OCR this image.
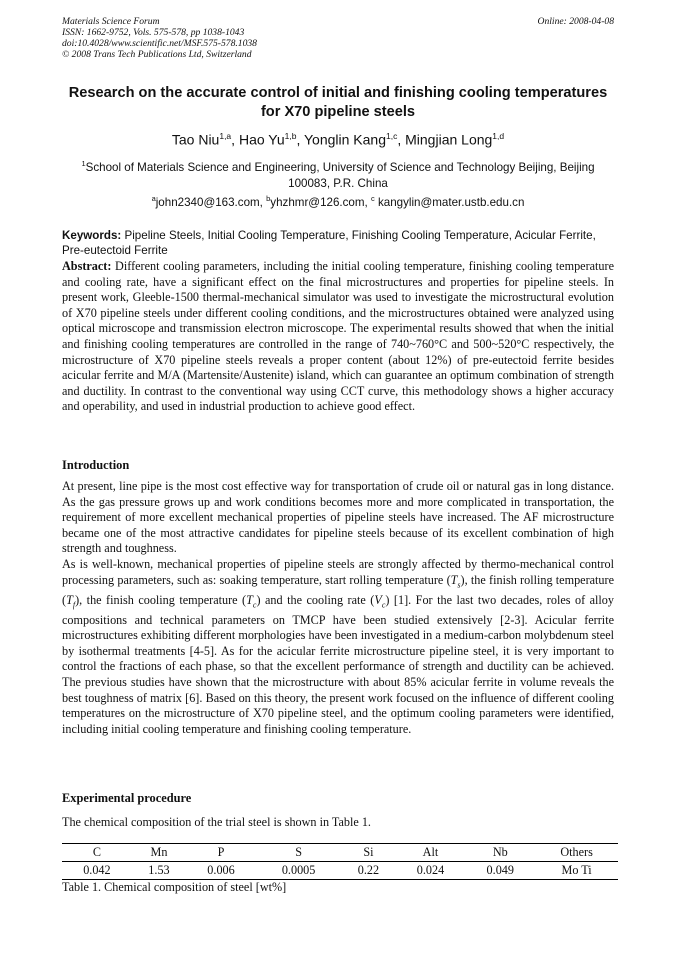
Materials Science Forum
ISSN: 1662-9752, Vols. 575-578, pp 1038-1043
doi:10.4028/www.scientific.net/MSF.575-578.1038
© 2008 Trans Tech Publications Ltd, Switzerland
Online: 2008-04-08
Research on the accurate control of initial and finishing cooling temperatures for X70 pipeline steels
Tao Niu$^{1,a}$, Hao Yu$^{1,b}$, Yonglin Kang$^{1,c}$, Mingjian Long$^{1,d}$
$^1$School of Materials Science and Engineering, University of Science and Technology Beijing, Beijing 100083, P.R. China
$^a$john2340@163.com, $^b$yhzhmr@126.com, $^c$ kangylin@mater.ustb.edu.cn
Keywords: Pipeline Steels, Initial Cooling Temperature, Finishing Cooling Temperature, Acicular Ferrite, Pre-eutectoid Ferrite
Abstract: Different cooling parameters, including the initial cooling temperature, finishing cooling temperature and cooling rate, have a significant effect on the final microstructures and properties for pipeline steels. In present work, Gleeble-1500 thermal-mechanical simulator was used to investigate the microstructural evolution of X70 pipeline steels under different cooling conditions, and the microstructures obtained were analyzed using optical microscope and transmission electron microscope. The experimental results showed that when the initial and finishing cooling temperatures are controlled in the range of 740~760°C and 500~520°C respectively, the microstructure of X70 pipeline steels reveals a proper content (about 12%) of pre-eutectoid ferrite besides acicular ferrite and M/A (Martensite/Austenite) island, which can guarantee an optimum combination of strength and ductility. In contrast to the conventional way using CCT curve, this methodology shows a higher accuracy and operability, and used in industrial production to achieve good effect.
Introduction

At present, line pipe is the most cost effective way for transportation of crude oil or natural gas in long distance. As the gas pressure grows up and work conditions becomes more and more complicated in transportation, the requirement of more excellent mechanical properties of pipeline steels have increased. The AF microstructure became one of the most attractive candidates for pipeline steels because of its excellent combination of high strength and toughness.

As is well-known, mechanical properties of pipeline steels are strongly affected by thermo-mechanical control processing parameters, such as: soaking temperature, start rolling temperature $(T_s)$, the finish rolling temperature $(T_f)$, the finish cooling temperature $(T_c)$ and the cooling rate $(V_c)$ [1]. For the last two decades, roles of alloy compositions and technical parameters on TMCP have been studied extensively [2-3]. Acicular ferrite microstructures exhibiting different morphologies have been investigated in a medium-carbon molybdenum steel by isothermal treatments [4-5]. As for the acicular ferrite microstructure pipeline steel, it is very important to control the fractions of each phase, so that the excellent performance of strength and ductility can be achieved. The previous studies have shown that the microstructure with about 85% acicular ferrite in volume reveals the best toughness of matrix [6]. Based on this theory, the present work focused on the influence of different cooling temperatures on the microstructure of X70 pipeline steel, and the optimum cooling parameters were identified, including initial cooling temperature and finishing cooling temperature.

Experimental procedure
The chemical composition of the trial steel is shown in Table 1.
C	Mn	P	S	Si	Alt	Nb	Others
0.042	1.53	0.006	0.0005	0.22	0.024	0.049	Mo Ti
Table 1. Chemical composition of steel [wt%]
